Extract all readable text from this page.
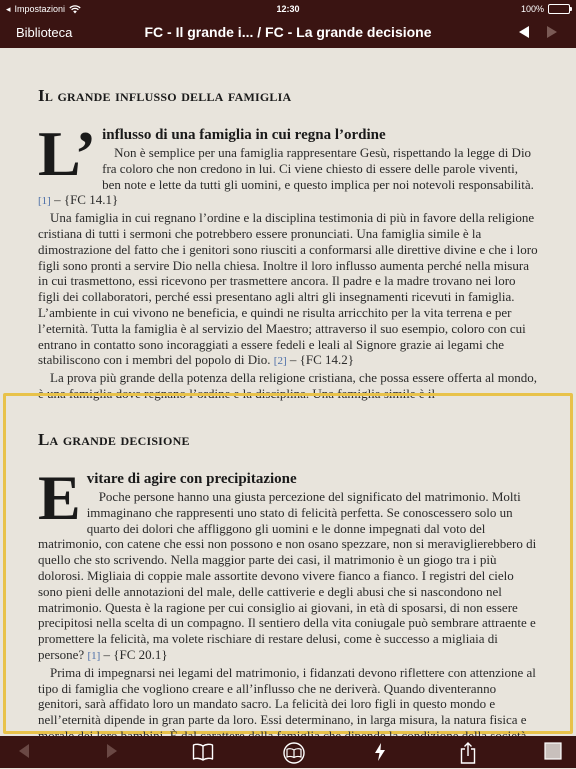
◂ Impostazioni	12:30	100%
Biblioteca	FC - Il grande i... / FC - La grande decisione
Il grande influsso della famiglia
L’ influsso di una famiglia in cui regna l’ordine

Non è semplice per una famiglia rappresentare Gesù, rispettando la legge di Dio fra coloro che non credono in lui. Ci viene chiesto di essere delle parole viventi, ben note e lette da tutti gli uomini, e questo implica per noi notevoli responsabilità. [1] – {FC 14.1}

Una famiglia in cui regnano l’ordine e la disciplina testimonia di più in favore della religione cristiana di tutti i sermoni che potrebbero essere pronunciati. Una famiglia simile è la dimostrazione del fatto che i genitori sono riusciti a conformarsi alle direttive divine e che i loro figli sono pronti a servire Dio nella chiesa. Inoltre il loro influsso aumenta perché nella misura in cui trasmettono, essi ricevono per trasmettere ancora. Il padre e la madre trovano nei loro figli dei collaboratori, perché essi presentano agli altri gli insegnamenti ricevuti in famiglia. L’ambiente in cui vivono ne beneficia, e quindi ne risulta arricchito per la vita terrena e per l’eternità. Tutta la famiglia è al servizio del Maestro; attraverso il suo esempio, coloro con cui entrano in contatto sono incoraggiati a essere fedeli e leali al Signore grazie ai legami che stabiliscono con i membri del popolo di Dio. [2] – {FC 14.2}

La prova più grande della potenza della religione cristiana, che possa essere offerta al mondo, è una famiglia dove regnano l’ordine e la disciplina. Una famiglia simile è il

La grande decisione
E vitare di agire con precipitazione

Poche persone hanno una giusta percezione del significato del matrimonio. Molti immaginano che rappresenti uno stato di felicità perfetta. Se conoscessero solo un quarto dei dolori che affliggono gli uomini e le donne impegnati dal voto del matrimonio, con catene che essi non possono e non osano spezzare, non si meraviglierebbero di quello che sto scrivendo. Nella maggior parte dei casi, il matrimonio è un giogo tra i più dolorosi. Migliaia di coppie male assortite devono vivere fianco a fianco. I registri del cielo sono pieni delle annotazioni del male, delle cattiverie e degli abusi che si nascondono nel matrimonio. Questa è la ragione per cui consiglio ai giovani, in età di sposarsi, di non essere precipitosi nella scelta di un compagno. Il sentiero della vita coniugale può sembrare attraente e promettere la felicità, ma volete rischiare di restare delusi, come è successo a migliaia di persone? [1] – {FC 20.1}

Prima di impegnarsi nei legami del matrimonio, i fidanzati devono riflettere con attenzione al tipo di famiglia che vogliono creare e all’influsso che ne deriverà. Quando diventeranno genitori, sarà affidato loro un mandato sacro. La felicità dei loro figli in questo mondo e nell’eternità dipende in gran parte da loro. Essi determinano, in larga misura, la natura fisica e
